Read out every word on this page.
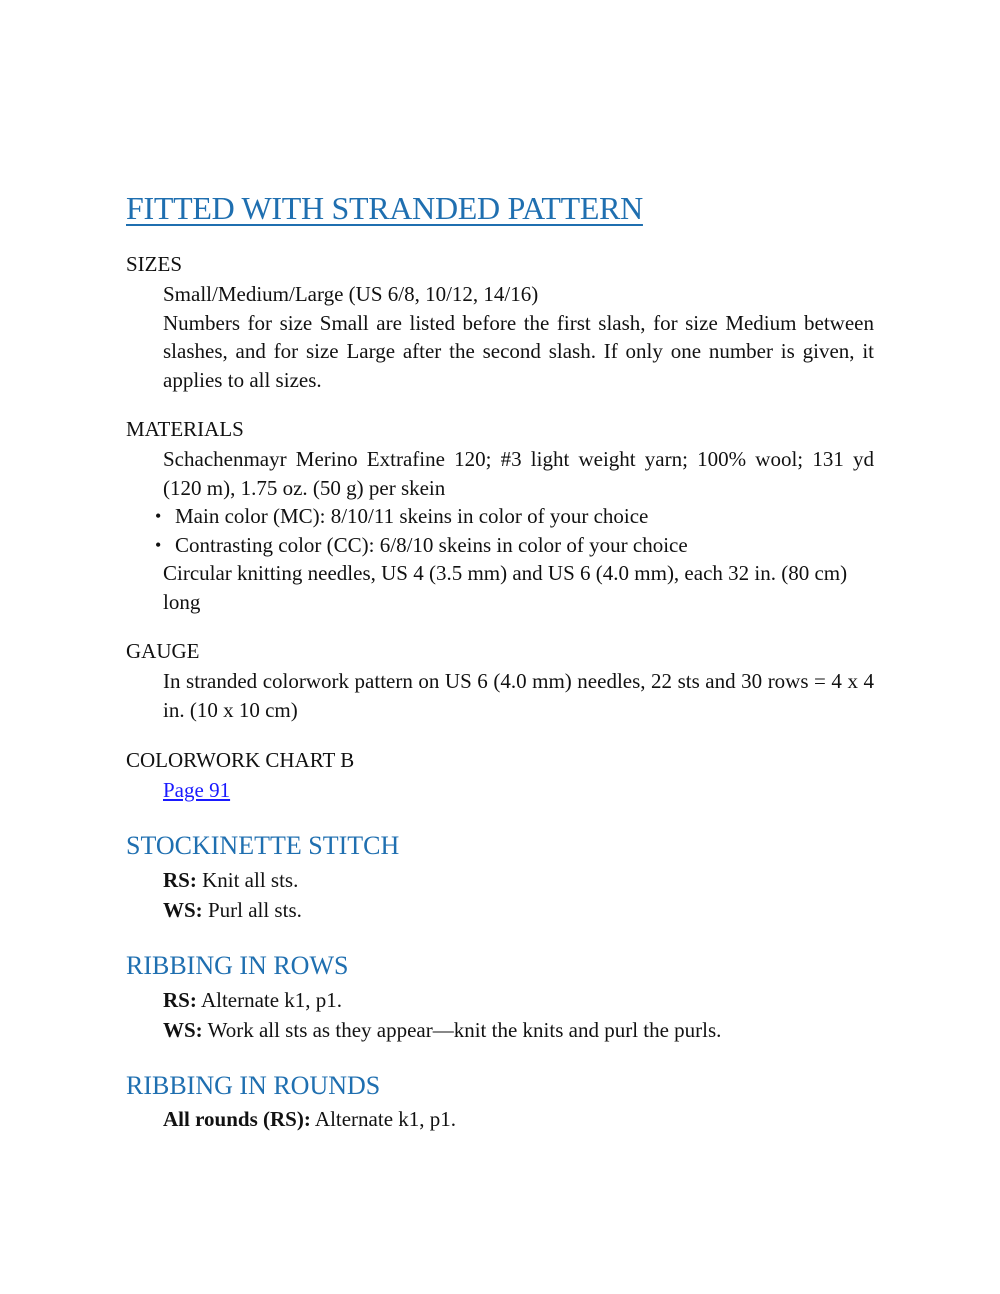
FITTED WITH STRANDED PATTERN
SIZES

Small/Medium/Large (US 6/8, 10/12, 14/16)

Numbers for size Small are listed before the first slash, for size Medium between slashes, and for size Large after the second slash. If only one number is given, it applies to all sizes.

MATERIALS

Schachenmayr Merino Extrafine 120; #3 light weight yarn; 100% wool; 131 yd (120 m), 1.75 oz. (50 g) per skein

• Main color (MC): 8/10/11 skeins in color of your choice
• Contrasting color (CC): 6/8/10 skeins in color of your choice

Circular knitting needles, US 4 (3.5 mm) and US 6 (4.0 mm), each 32 in. (80 cm) long

GAUGE
In stranded colorwork pattern on US 6 (4.0 mm) needles, 22 sts and 30 rows = 4 x 4 in. (10 x 10 cm)
COLORWORK CHART B
Page 91
STOCKINETTE STITCH

RS: Knit all sts.

WS: Purl all sts.

RIBBING IN ROWS

RS: Alternate k1, p1.

WS: Work all sts as they appear—knit the knits and purl the purls.

RIBBING IN ROUNDS

All rounds (RS): Alternate k1, p1.
